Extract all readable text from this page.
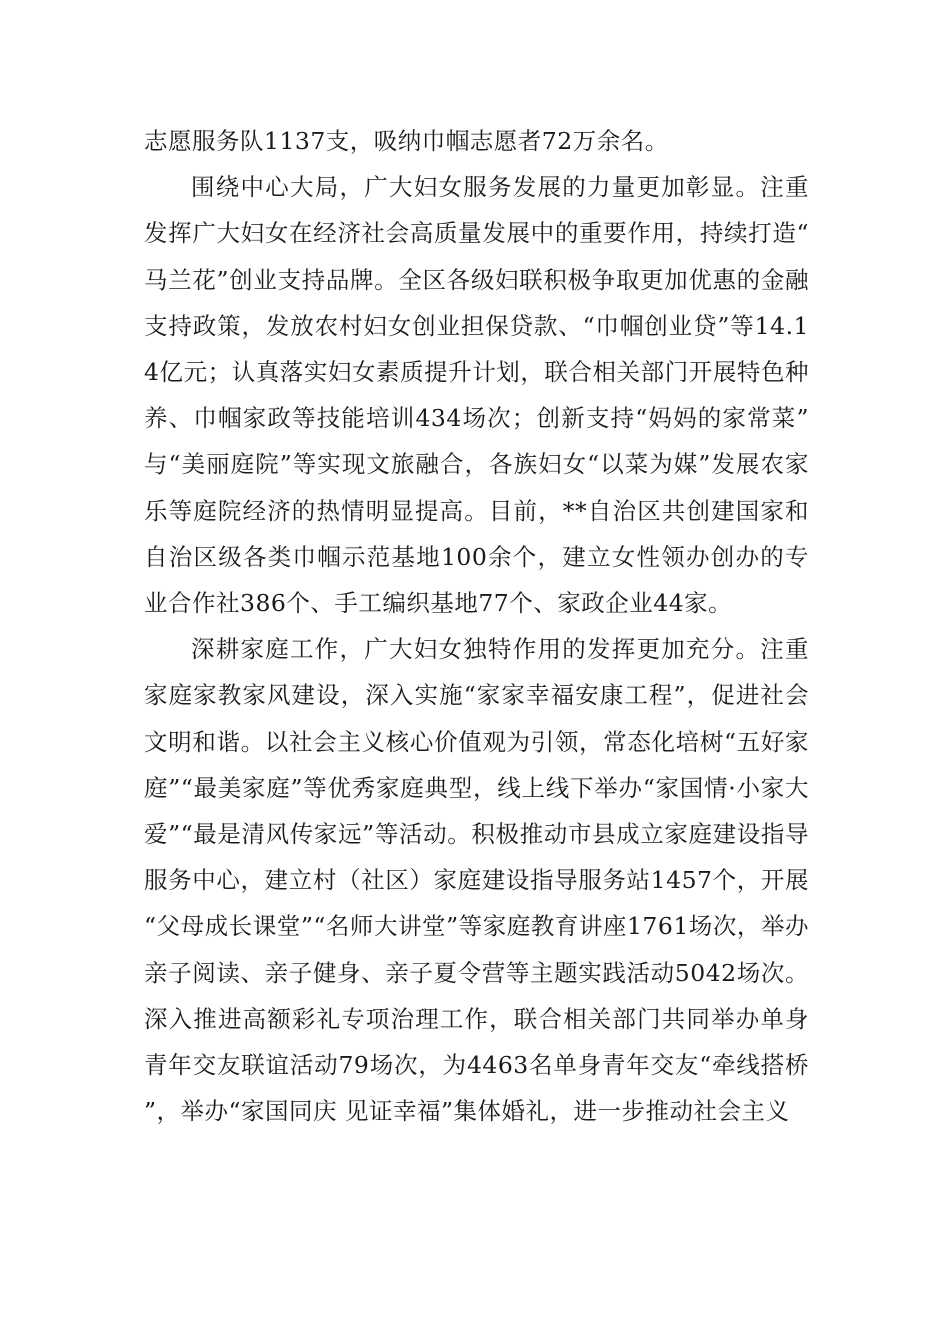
志愿服务队1137支，吸纳巾帼志愿者72万余名。

围绕中心大局，广大妇女服务发展的力量更加彰显。注重发挥广大妇女在经济社会高质量发展中的重要作用，持续打造“马兰花”创业支持品牌。全区各级妇联积极争取更加优惠的金融支持政策，发放农村妇女创业担保贷款、“巾帼创业贷”等14.14亿元；认真落实妇女素质提升计划，联合相关部门开展特色种养、巾帼家政等技能培训434场次；创新支持“妈妈的家常菜”与“美丽庭院”等实现文旅融合，各族妇女“以菜为媒”发展农家乐等庭院经济的热情明显提高。目前，**自治区共创建国家和自治区级各类巾帼示范基地100余个，建立女性领办创办的专业合作社386个、手工编织基地77个、家政企业44家。

深耕家庭工作，广大妇女独特作用的发挥更加充分。注重家庭家教家风建设，深入实施“家家幸福安康工程”，促进社会文明和谐。以社会主义核心价值观为引领，常态化培树“五好家庭”“最美家庭”等优秀家庭典型，线上线下举办“家国情·小家大爱”“最是清风传家远”等活动。积极推动市县成立家庭建设指导服务中心，建立村（社区）家庭建设指导服务站1457个，开展“父母成长课堂”“名师大讲堂”等家庭教育讲座1761场次，举办亲子阅读、亲子健身、亲子夏令营等主题实践活动5042场次。深入推进高额彩礼专项治理工作，联合相关部门共同举办单身青年交友联谊活动79场次，为4463名单身青年交友“牵线搭桥”，举办“家国同庆 见证幸福”集体婚礼，进一步推动社会主义
